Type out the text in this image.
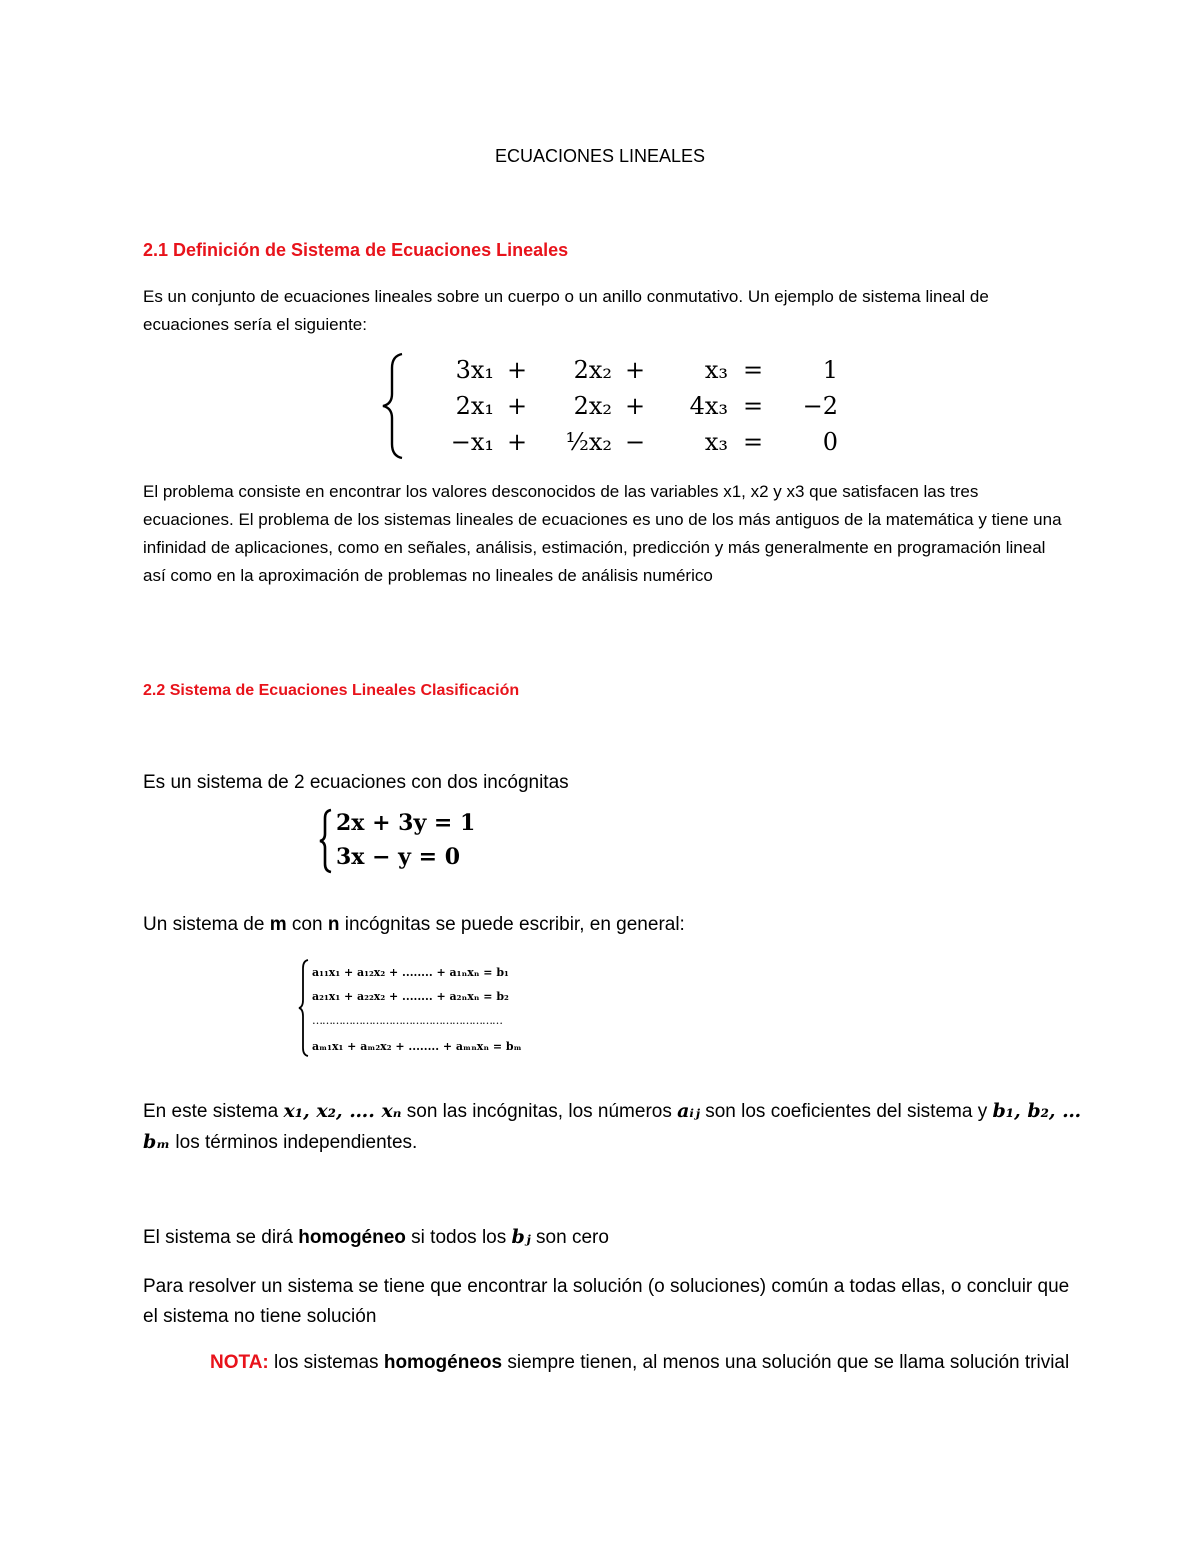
ECUACIONES LINEALES
2.1 Definición de Sistema de Ecuaciones Lineales

Es un conjunto de ecuaciones lineales sobre un cuerpo o un anillo conmutativo. Un ejemplo de sistema lineal de ecuaciones sería el siguiente:

3x₁ +	2x₂ +	x₃ =	1
2x₁ +	2x₂ +	4x₃ =	−2
−x₁ +	½x₂ −	x₃ =	0

El problema consiste en encontrar los valores desconocidos de las variables x1, x2 y x3 que satisfacen las tres ecuaciones. El problema de los sistemas lineales de ecuaciones es uno de los más antiguos de la matemática y tiene una infinidad de aplicaciones, como en señales, análisis, estimación, predicción y más generalmente en programación lineal así como en la aproximación de problemas no lineales de análisis numérico

2.2 Sistema de Ecuaciones Lineales Clasificación

Es un sistema de 2 ecuaciones con dos incógnitas

2x + 3y = 1
3x − y = 0

Un sistema de m con n incógnitas se puede escribir, en general:

a₁₁x₁ + a₁₂x₂ + ........ + a₁ₙxₙ = b₁
a₂₁x₁ + a₂₂x₂ + ........ + a₂ₙxₙ = b₂
…………………………………………………
aₘ₁x₁ + aₘ₂x₂ + ........ + aₘₙxₙ = bₘ

En este sistema x₁, x₂, …. xₙ son las incógnitas, los números aᵢⱼ son los coeficientes del sistema y b₁, b₂, … bₘ los términos independientes.

El sistema se dirá homogéneo si todos los bⱼ son cero

Para resolver un sistema se tiene que encontrar la solución (o soluciones) común a todas ellas, o concluir que el sistema no tiene solución

NOTA: los sistemas homogéneos siempre tienen, al menos una solución que se llama solución trivial
